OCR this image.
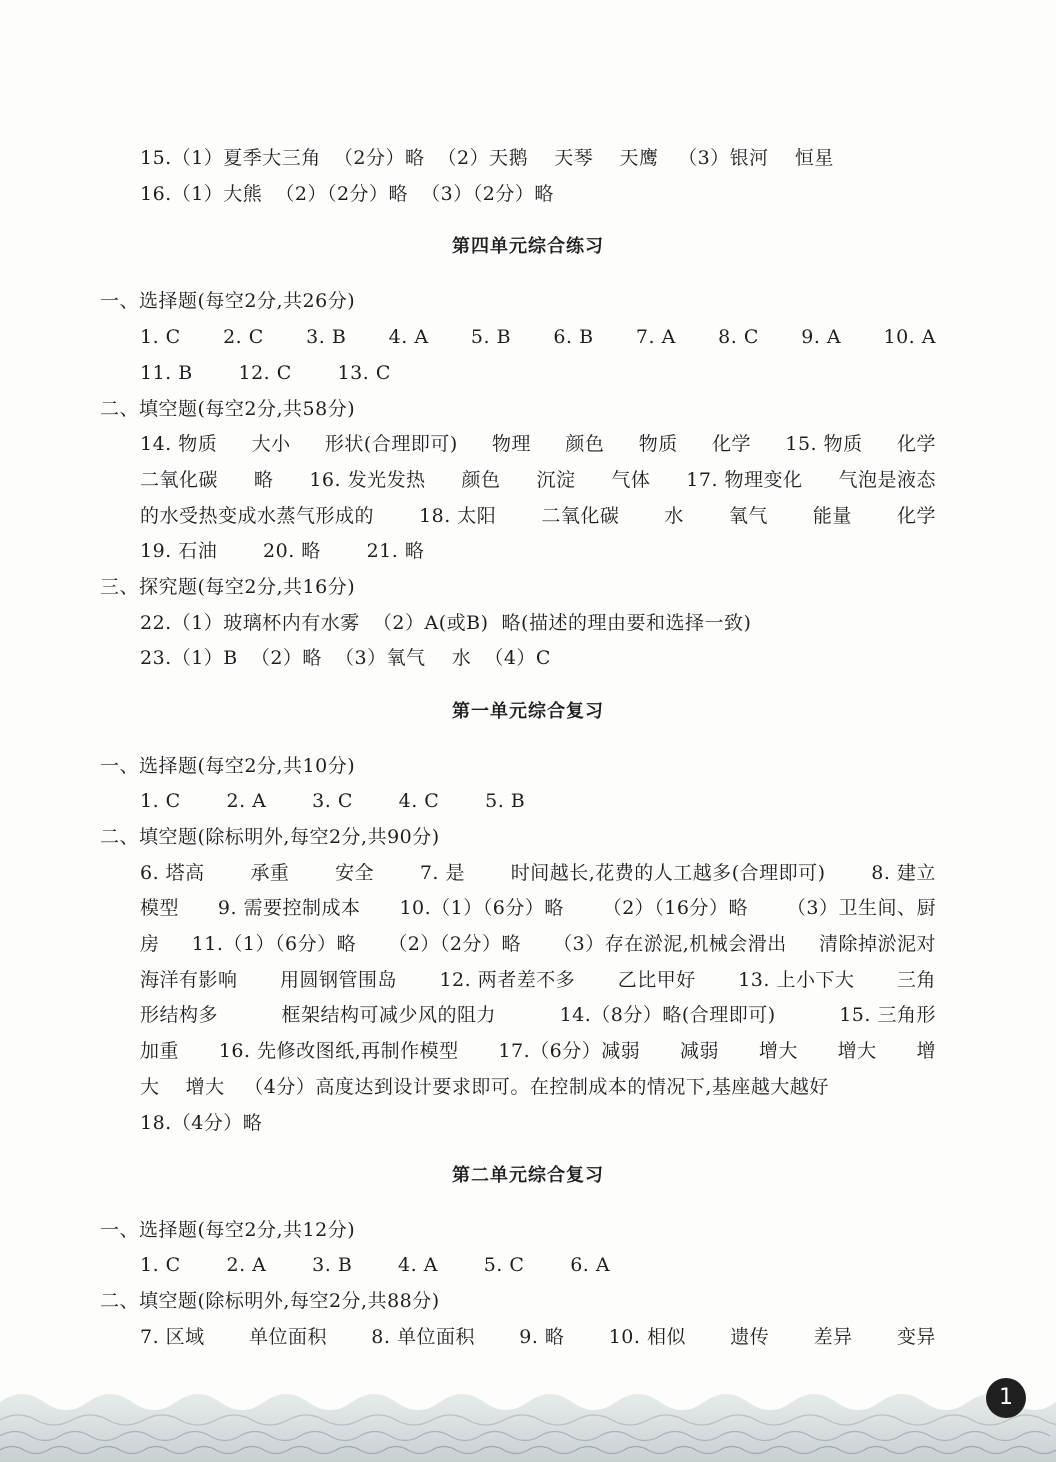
15.（1）夏季大三角  （2分）略  （2）天鹅    天琴    天鹰   （3）银河    恒星
16.（1）大熊  （2）（2分）略  （3）（2分）略
第四单元综合练习
一、选择题(每空2分,共26分)
1. C 2. C 3. B 4. A 5. B 6. B 7. A 8. C 9. A 10. A
11. B       12. C       13. C
二、填空题(每空2分,共58分)
14. 物质 大小 形状(合理即可) 物理 颜色 物质 化学 15. 物质 化学
二氧化碳 略 16. 发光发热 颜色 沉淀 气体 17. 物理变化 气泡是液态
的水受热变成水蒸气形成的 18. 太阳 二氧化碳 水 氧气 能量 化学
19. 石油       20. 略       21. 略
三、探究题(每空2分,共16分)
22.（1）玻璃杯内有水雾  （2）A(或B)  略(描述的理由要和选择一致)
23.（1）B  （2）略  （3）氧气    水  （4）C
第一单元综合复习
一、选择题(每空2分,共10分)
1. C       2. A       3. C       4. C       5. B
二、填空题(除标明外,每空2分,共90分)
6. 塔高 承重 安全 7. 是 时间越长,花费的人工越多(合理即可) 8. 建立
模型 9. 需要控制成本 10.（1）（6分）略 （2）（16分）略 （3）卫生间、厨
房 11.（1）（6分）略 （2）（2分）略 （3）存在淤泥,机械会滑出 清除掉淤泥对
海洋有影响 用圆钢管围岛 12. 两者差不多 乙比甲好 13. 上小下大 三角
形结构多	框架结构可减少风的阻力	14.（8分）略(合理即可)	15. 三角形
加重 16. 先修改图纸,再制作模型 17.（6分）减弱 减弱 增大 增大 增
大    增大   （4分）高度达到设计要求即可。在控制成本的情况下,基座越大越好
18.（4分）略
第二单元综合复习
一、选择题(每空2分,共12分)
1. C       2. A       3. B       4. A       5. C       6. A
二、填空题(除标明外,每空2分,共88分)
7. 区域 单位面积 8. 单位面积 9. 略 10. 相似 遗传 差异 变异
1
